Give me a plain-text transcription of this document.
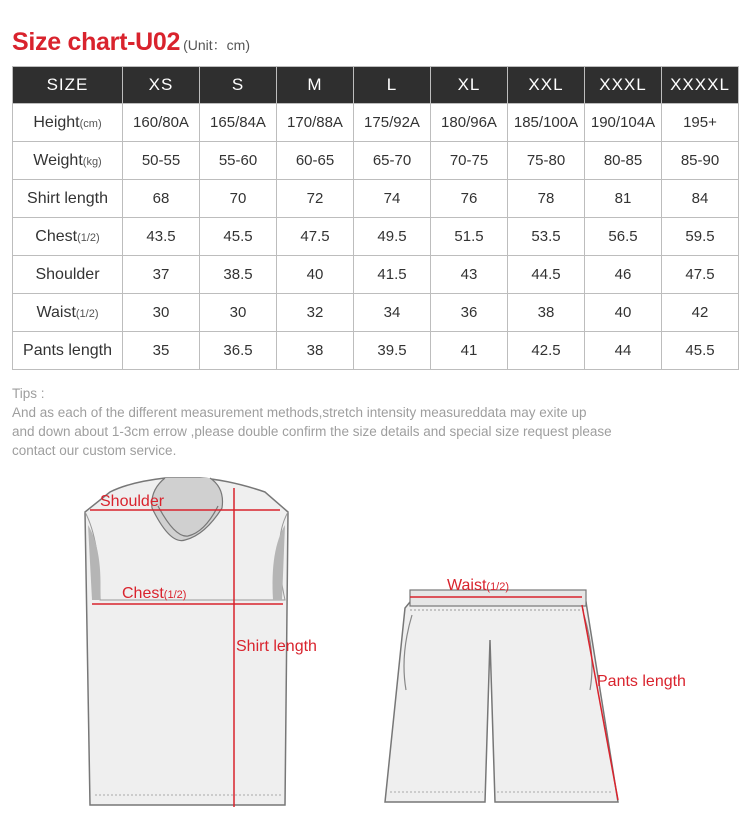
Size chart-U02 (Unit：cm)
SIZE	XS	S	M	L	XL	XXL	XXXL	XXXXL
Height(cm)	160/80A	165/84A	170/88A	175/92A	180/96A	185/100A	190/104A	195+
Weight(kg)	50-55	55-60	60-65	65-70	70-75	75-80	80-85	85-90
Shirt length	68	70	72	74	76	78	81	84
Chest(1/2)	43.5	45.5	47.5	49.5	51.5	53.5	56.5	59.5
Shoulder	37	38.5	40	41.5	43	44.5	46	47.5
Waist(1/2)	30	30	32	34	36	38	40	42
Pants length	35	36.5	38	39.5	41	42.5	44	45.5

Tips :

And as each of the different measurement methods,stretch intensity measureddata may exite up

and down about 1-3cm errow ,please double confirm the size details and special size request please

contact our custom service.

Shoulder
Chest(1/2)
Shirt length
Waist(1/2)
Pants length
